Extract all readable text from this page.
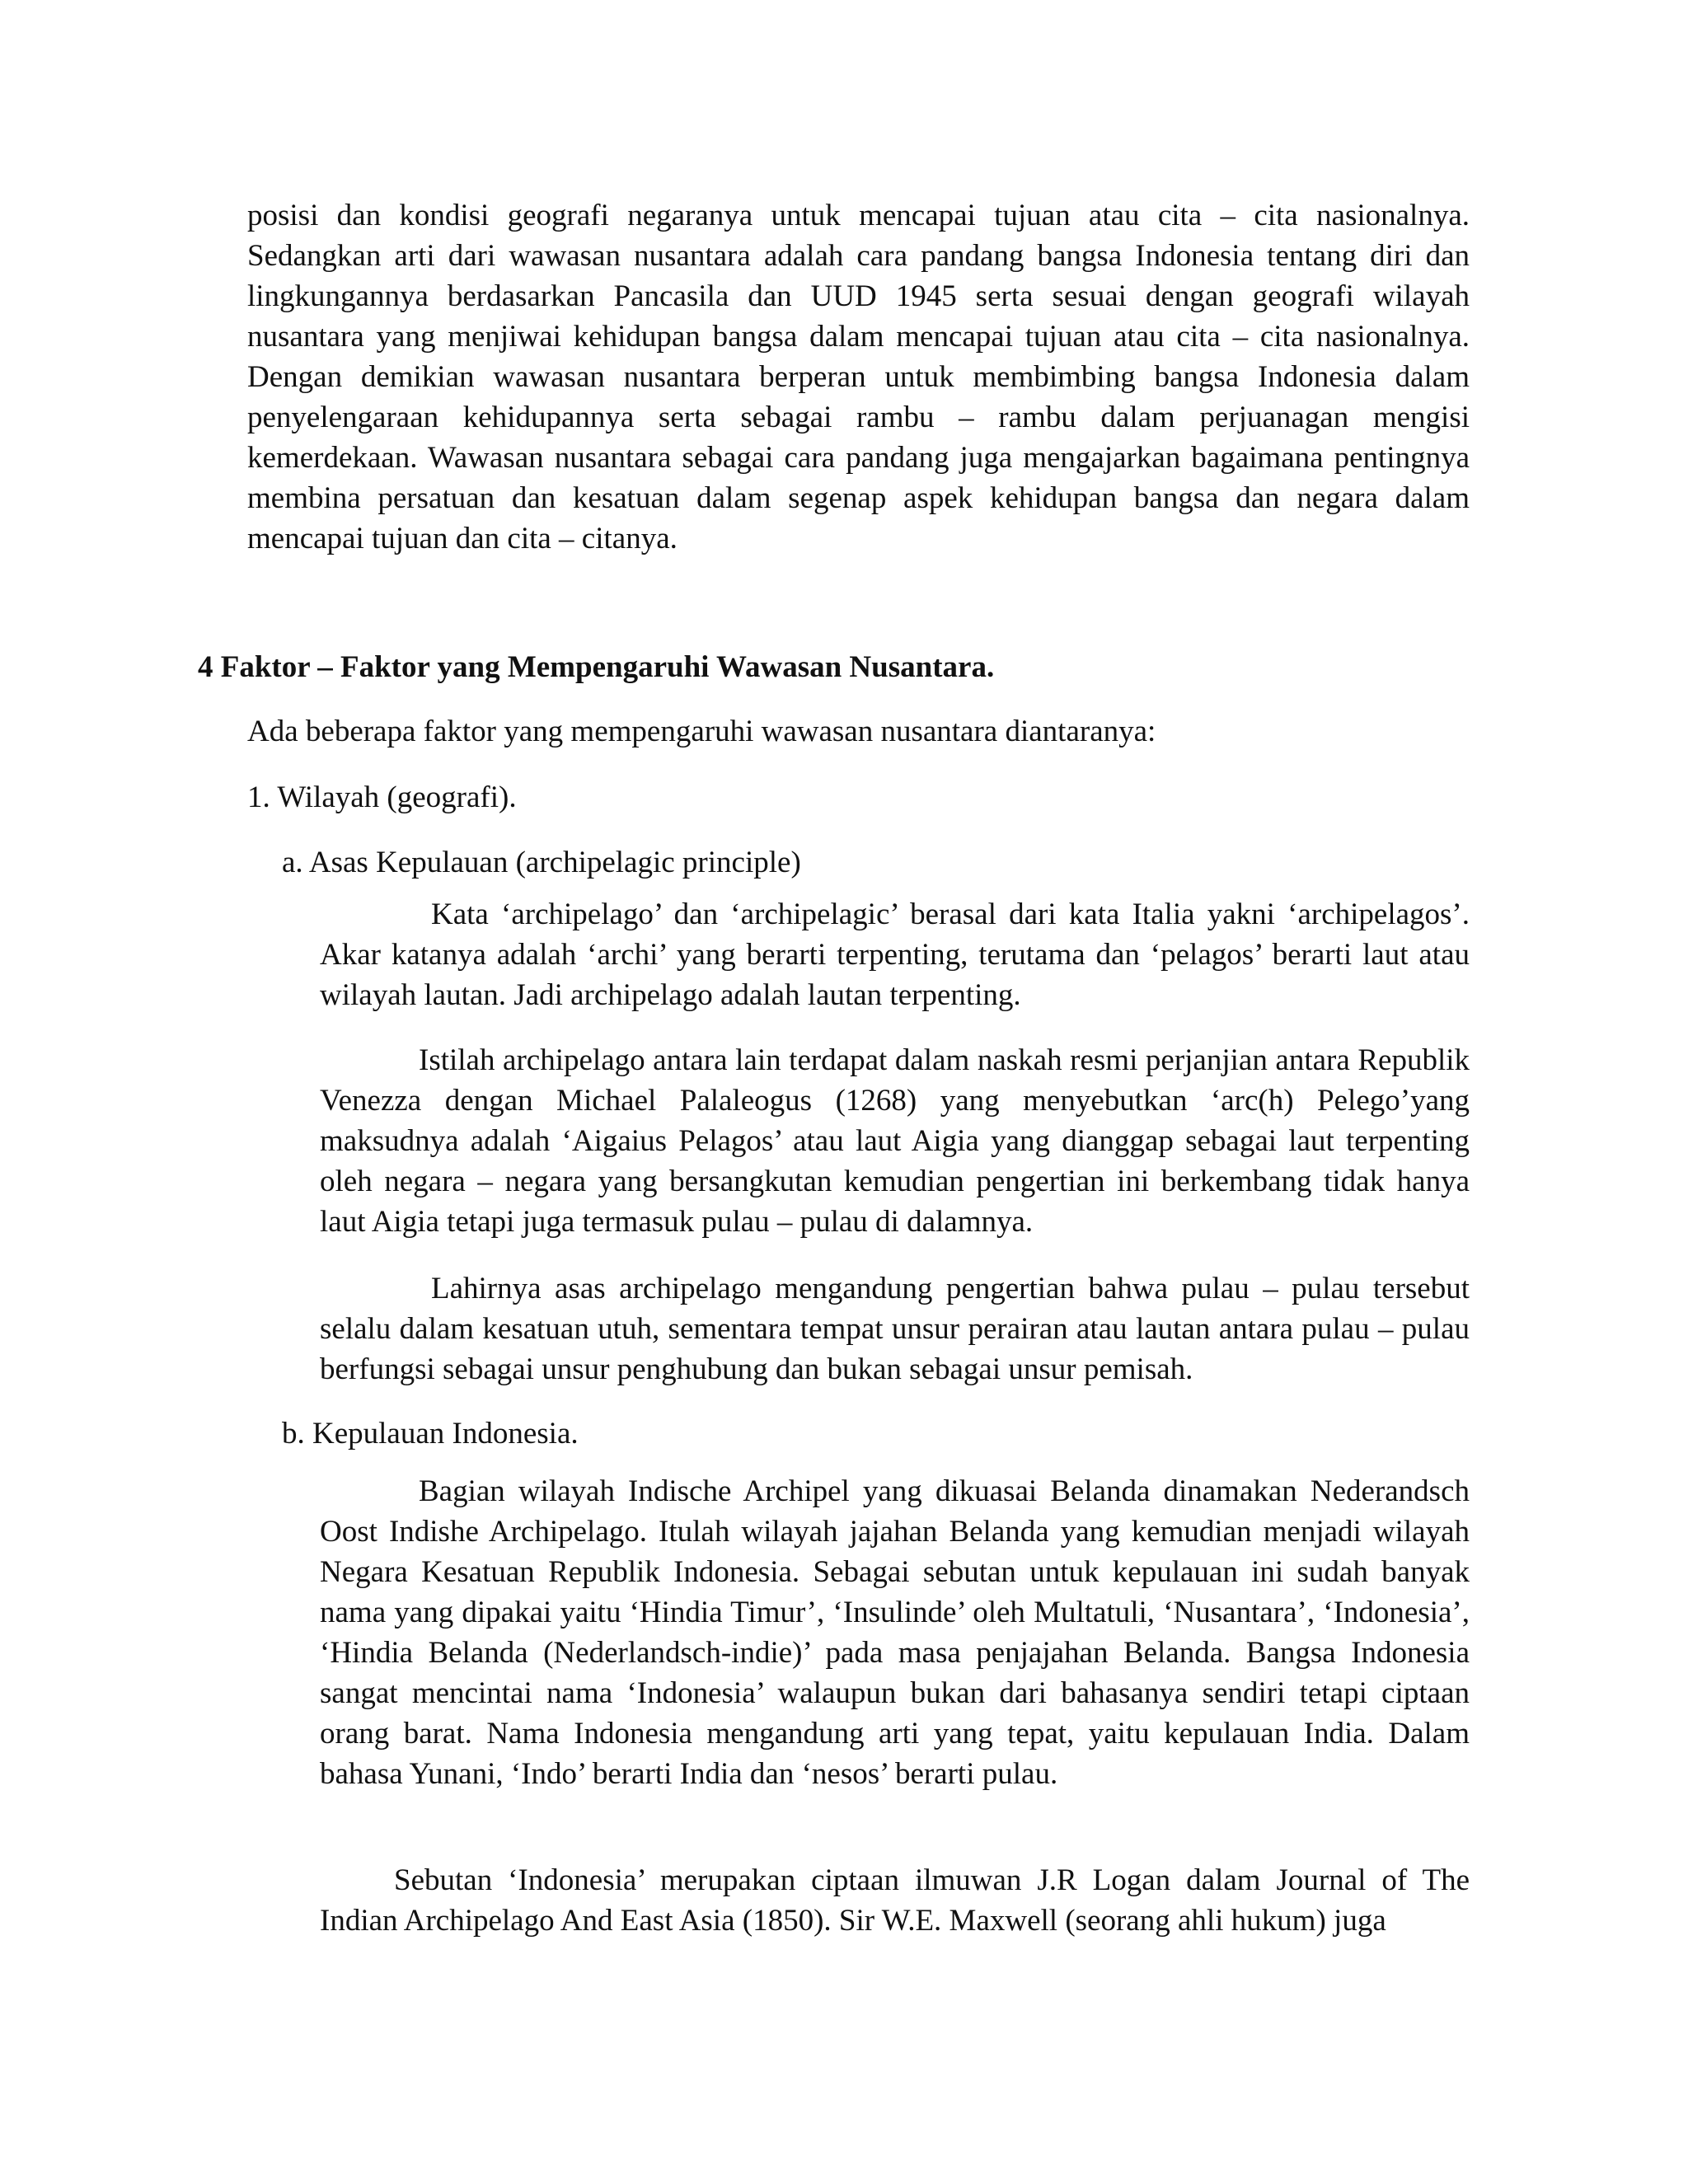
posisi dan kondisi geografi negaranya untuk mencapai tujuan atau cita – cita nasionalnya. Sedangkan arti dari wawasan nusantara adalah cara pandang bangsa Indonesia tentang diri dan lingkungannya berdasarkan Pancasila dan UUD 1945 serta sesuai dengan geografi wilayah nusantara yang menjiwai kehidupan bangsa dalam mencapai tujuan atau cita – cita nasionalnya. Dengan demikian wawasan nusantara berperan untuk membimbing bangsa Indonesia dalam penyelengaraan kehidupannya serta sebagai rambu – rambu dalam perjuanagan mengisi kemerdekaan. Wawasan nusantara sebagai cara pandang juga mengajarkan bagaimana pentingnya membina persatuan dan kesatuan dalam segenap aspek kehidupan bangsa dan negara dalam mencapai tujuan dan cita – citanya.

4 Faktor – Faktor yang Mempengaruhi Wawasan Nusantara.
Ada beberapa faktor yang mempengaruhi wawasan nusantara diantaranya:
1. Wilayah (geografi).
a. Asas Kepulauan (archipelagic principle)

Kata ‘archipelago’ dan ‘archipelagic’ berasal dari kata Italia yakni ‘archipelagos’. Akar katanya adalah ‘archi’ yang berarti terpenting, terutama dan ‘pelagos’ berarti laut atau wilayah lautan. Jadi archipelago adalah lautan terpenting.

Istilah archipelago antara lain terdapat dalam naskah resmi perjanjian antara Republik Venezza dengan Michael Palaleogus (1268) yang menyebutkan ‘arc(h) Pelego’yang maksudnya adalah ‘Aigaius Pelagos’ atau laut Aigia yang dianggap sebagai laut terpenting oleh negara – negara yang bersangkutan kemudian pengertian ini berkembang tidak hanya laut Aigia tetapi juga termasuk pulau – pulau di dalamnya.

Lahirnya asas archipelago mengandung pengertian bahwa pulau – pulau tersebut selalu dalam kesatuan utuh, sementara tempat unsur perairan atau lautan antara pulau – pulau berfungsi sebagai unsur penghubung dan bukan sebagai unsur pemisah.

b. Kepulauan Indonesia.

Bagian wilayah Indische Archipel yang dikuasai Belanda dinamakan Nederandsch Oost Indishe Archipelago. Itulah wilayah jajahan Belanda yang kemudian menjadi wilayah Negara Kesatuan Republik Indonesia. Sebagai sebutan untuk kepulauan ini sudah banyak nama yang dipakai yaitu ‘Hindia Timur’, ‘Insulinde’ oleh Multatuli, ‘Nusantara’, ‘Indonesia’, ‘Hindia Belanda (Nederlandsch-indie)’ pada masa penjajahan Belanda. Bangsa Indonesia sangat mencintai nama ‘Indonesia’ walaupun bukan dari bahasanya sendiri tetapi ciptaan orang barat. Nama Indonesia mengandung arti yang tepat, yaitu kepulauan India. Dalam bahasa Yunani, ‘Indo’ berarti India dan ‘nesos’ berarti pulau.

Sebutan ‘Indonesia’ merupakan ciptaan ilmuwan J.R Logan dalam Journal of The Indian Archipelago And East Asia (1850). Sir W.E. Maxwell (seorang ahli hukum) juga
